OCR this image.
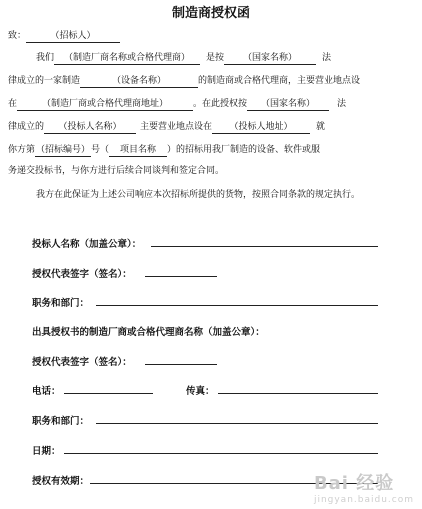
制造商授权函
致：	（招标人）
我们 （制造厂商名称或合格代理商） 是按 （国家名称）	法
律成立的一家制造	（设备名称）	的制造商或合格代理商，主要营业地点设
在	（制造厂商或合格代理商地址）	。在此授权按 （国家名称） 法
律成立的 （投标人名称） 主要营业地点设在 （投标人地址）	就
你方第（招标编号）号（ 项目名称 ）的招标用我厂制造的设备、软件或服
务递交投标书，与你方进行后续合同谈判和签定合同。
我方在此保证为上述公司响应本次招标所提供的货物，按照合同条款的规定执行。
投标人名称（加盖公章）：
授权代表签字（签名）：
职务和部门：
出具授权书的制造厂商或合格代理商名称（加盖公章）：
授权代表签字（签名）：
电话：	传真：
职务和部门：
日期：
授权有效期：	Bai 经验
jingyan.baidu.com
